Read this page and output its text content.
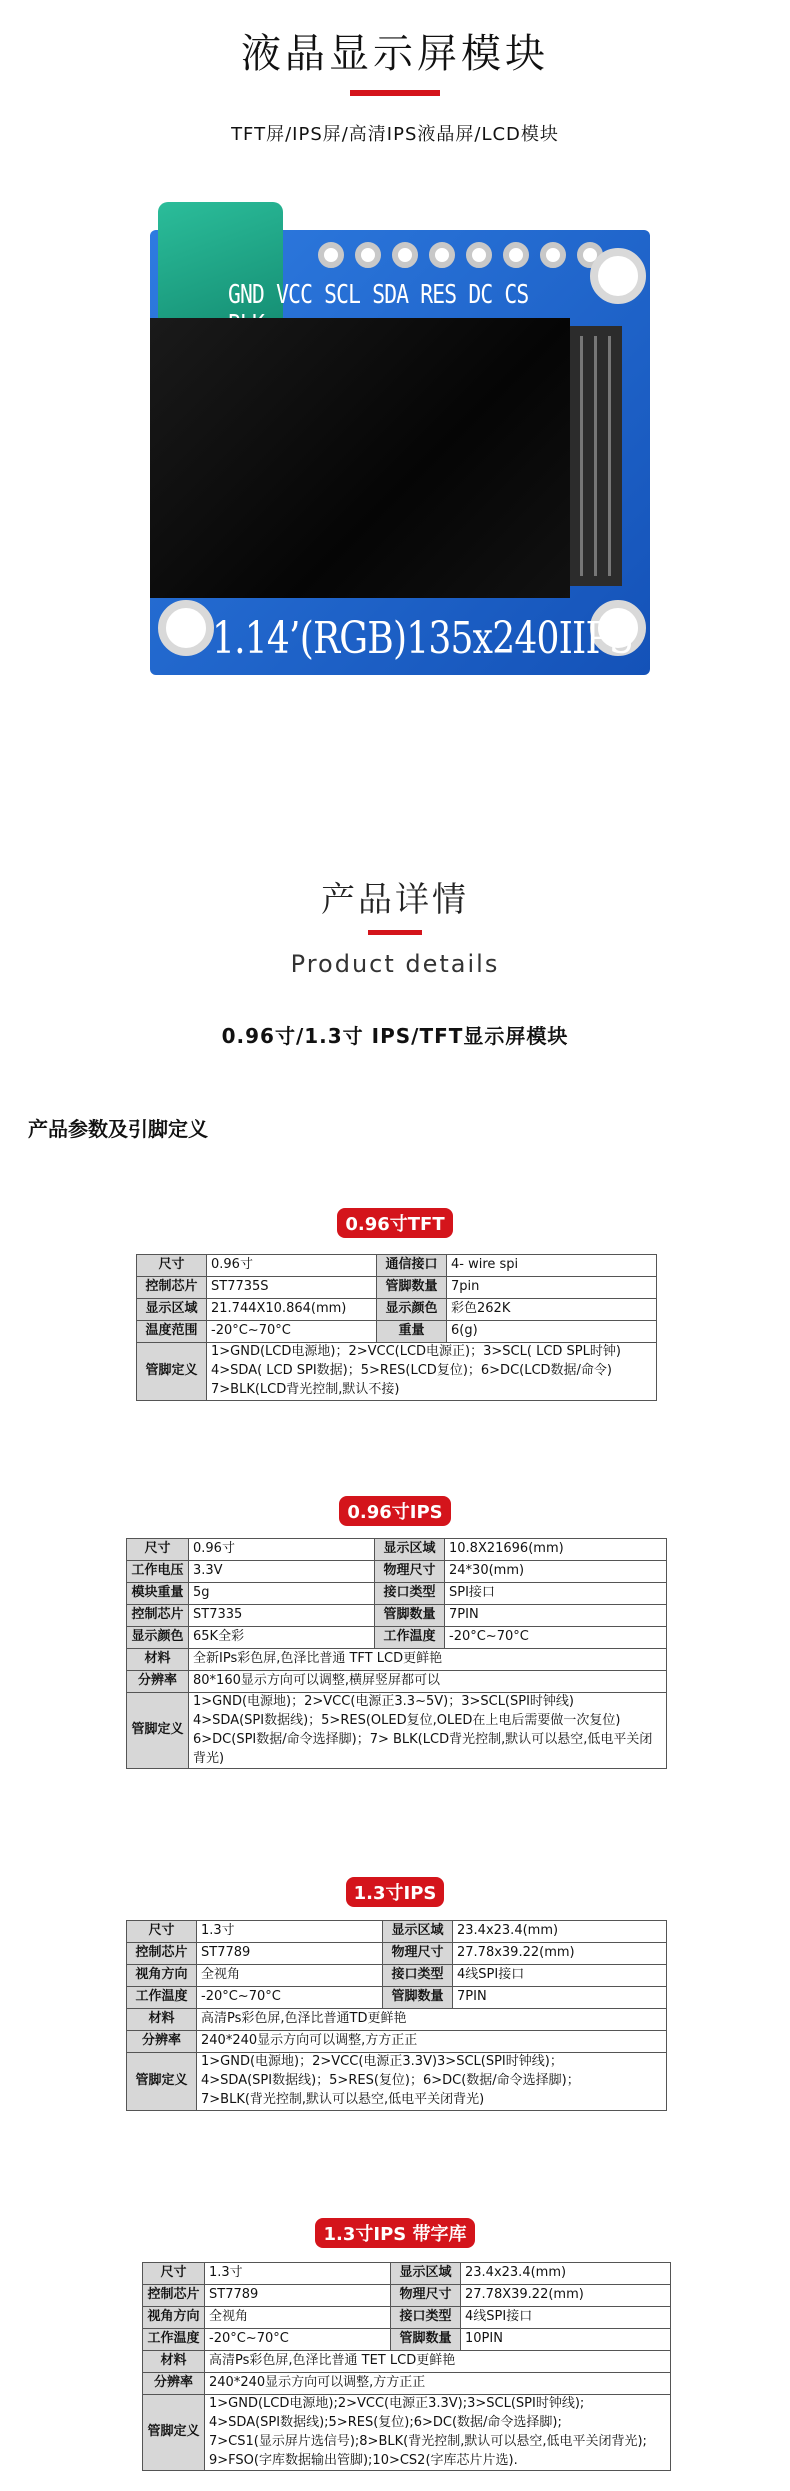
液晶显示屏模块
TFT屏/IPS屏/高清IPS液晶屏/LCD模块
GND VCC SCL SDA RES DC CS
1.14’(RGB)135x240IIPS
产品详情
Product details
0.96寸/1.3寸 IPS/TFT显示屏模块
产品参数及引脚定义
0.96寸TFT
尺寸	0.96寸	通信接口	4- wire spi
控制芯片	ST7735S	管脚数量	7pin
显示区域	21.744X10.864(mm)	显示颜色	彩色262K
温度范围	-20°C~70°C	重量	6(g)
管脚定义	1>GND(LCD电源地)；2>VCC(LCD电源正)；3>SCL( LCD SPL时钟)
4>SDA( LCD SPI数据)；5>RES(LCD复位)；6>DC(LCD数据/命令)
7>BLK(LCD背光控制,默认不接)		
0.96寸IPS
尺寸	0.96寸	显示区域	10.8X21696(mm)
工作电压	3.3V	物理尺寸	24*30(mm)
模块重量	5g	接口类型	SPI接口
控制芯片	ST7335	管脚数量	7PIN
显示颜色	65K全彩	工作温度	-20°C~70°C
材料	全新IPs彩色屏,色泽比普通 TFT LCD更鲜艳		
分辨率	80*160显示方向可以调整,横屏竖屏都可以		
管脚定义	1>GND(电源地)；2>VCC(电源正3.3~5V)；3>SCL(SPI时钟线)
4>SDA(SPI数据线)；5>RES(OLED复位,OLED在上电后需要做一次复位)
6>DC(SPI数据/命令选择脚)；7> BLK(LCD背光控制,默认可以悬空,低电平关闭
背光)		
1.3寸IPS
尺寸	1.3寸	显示区域	23.4x23.4(mm)
控制芯片	ST7789	物理尺寸	27.78x39.22(mm)
视角方向	全视角	接口类型	4线SPI接口
工作温度	-20°C~70°C	管脚数量	7PIN
材料	高清Ps彩色屏,色泽比普通TD更鲜艳		
分辨率	240*240显示方向可以调整,方方正正		
管脚定义	1>GND(电源地)；2>VCC(电源正3.3V)3>SCL(SPI时钟线)；
4>SDA(SPI数据线)；5>RES(复位)；6>DC(数据/命令选择脚)；
7>BLK(背光控制,默认可以悬空,低电平关闭背光)		
1.3寸IPS 带字库
尺寸	1.3寸	显示区域	23.4x23.4(mm)
控制芯片	ST7789	物理尺寸	27.78X39.22(mm)
视角方向	全视角	接口类型	4线SPI接口
工作温度	-20°C~70°C	管脚数量	10PIN
材料	高清Ps彩色屏,色泽比普通 TET LCD更鲜艳		
分辨率	240*240显示方向可以调整,方方正正		
管脚定义	1>GND(LCD电源地);2>VCC(电源正3.3V);3>SCL(SPI时钟线);
4>SDA(SPI数据线);5>RES(复位);6>DC(数据/命令选择脚);
7>CS1(显示屏片选信号);8>BLK(背光控制,默认可以悬空,低电平关闭背光);
9>FSO(字库数据输出管脚);10>CS2(字库芯片片选).		
